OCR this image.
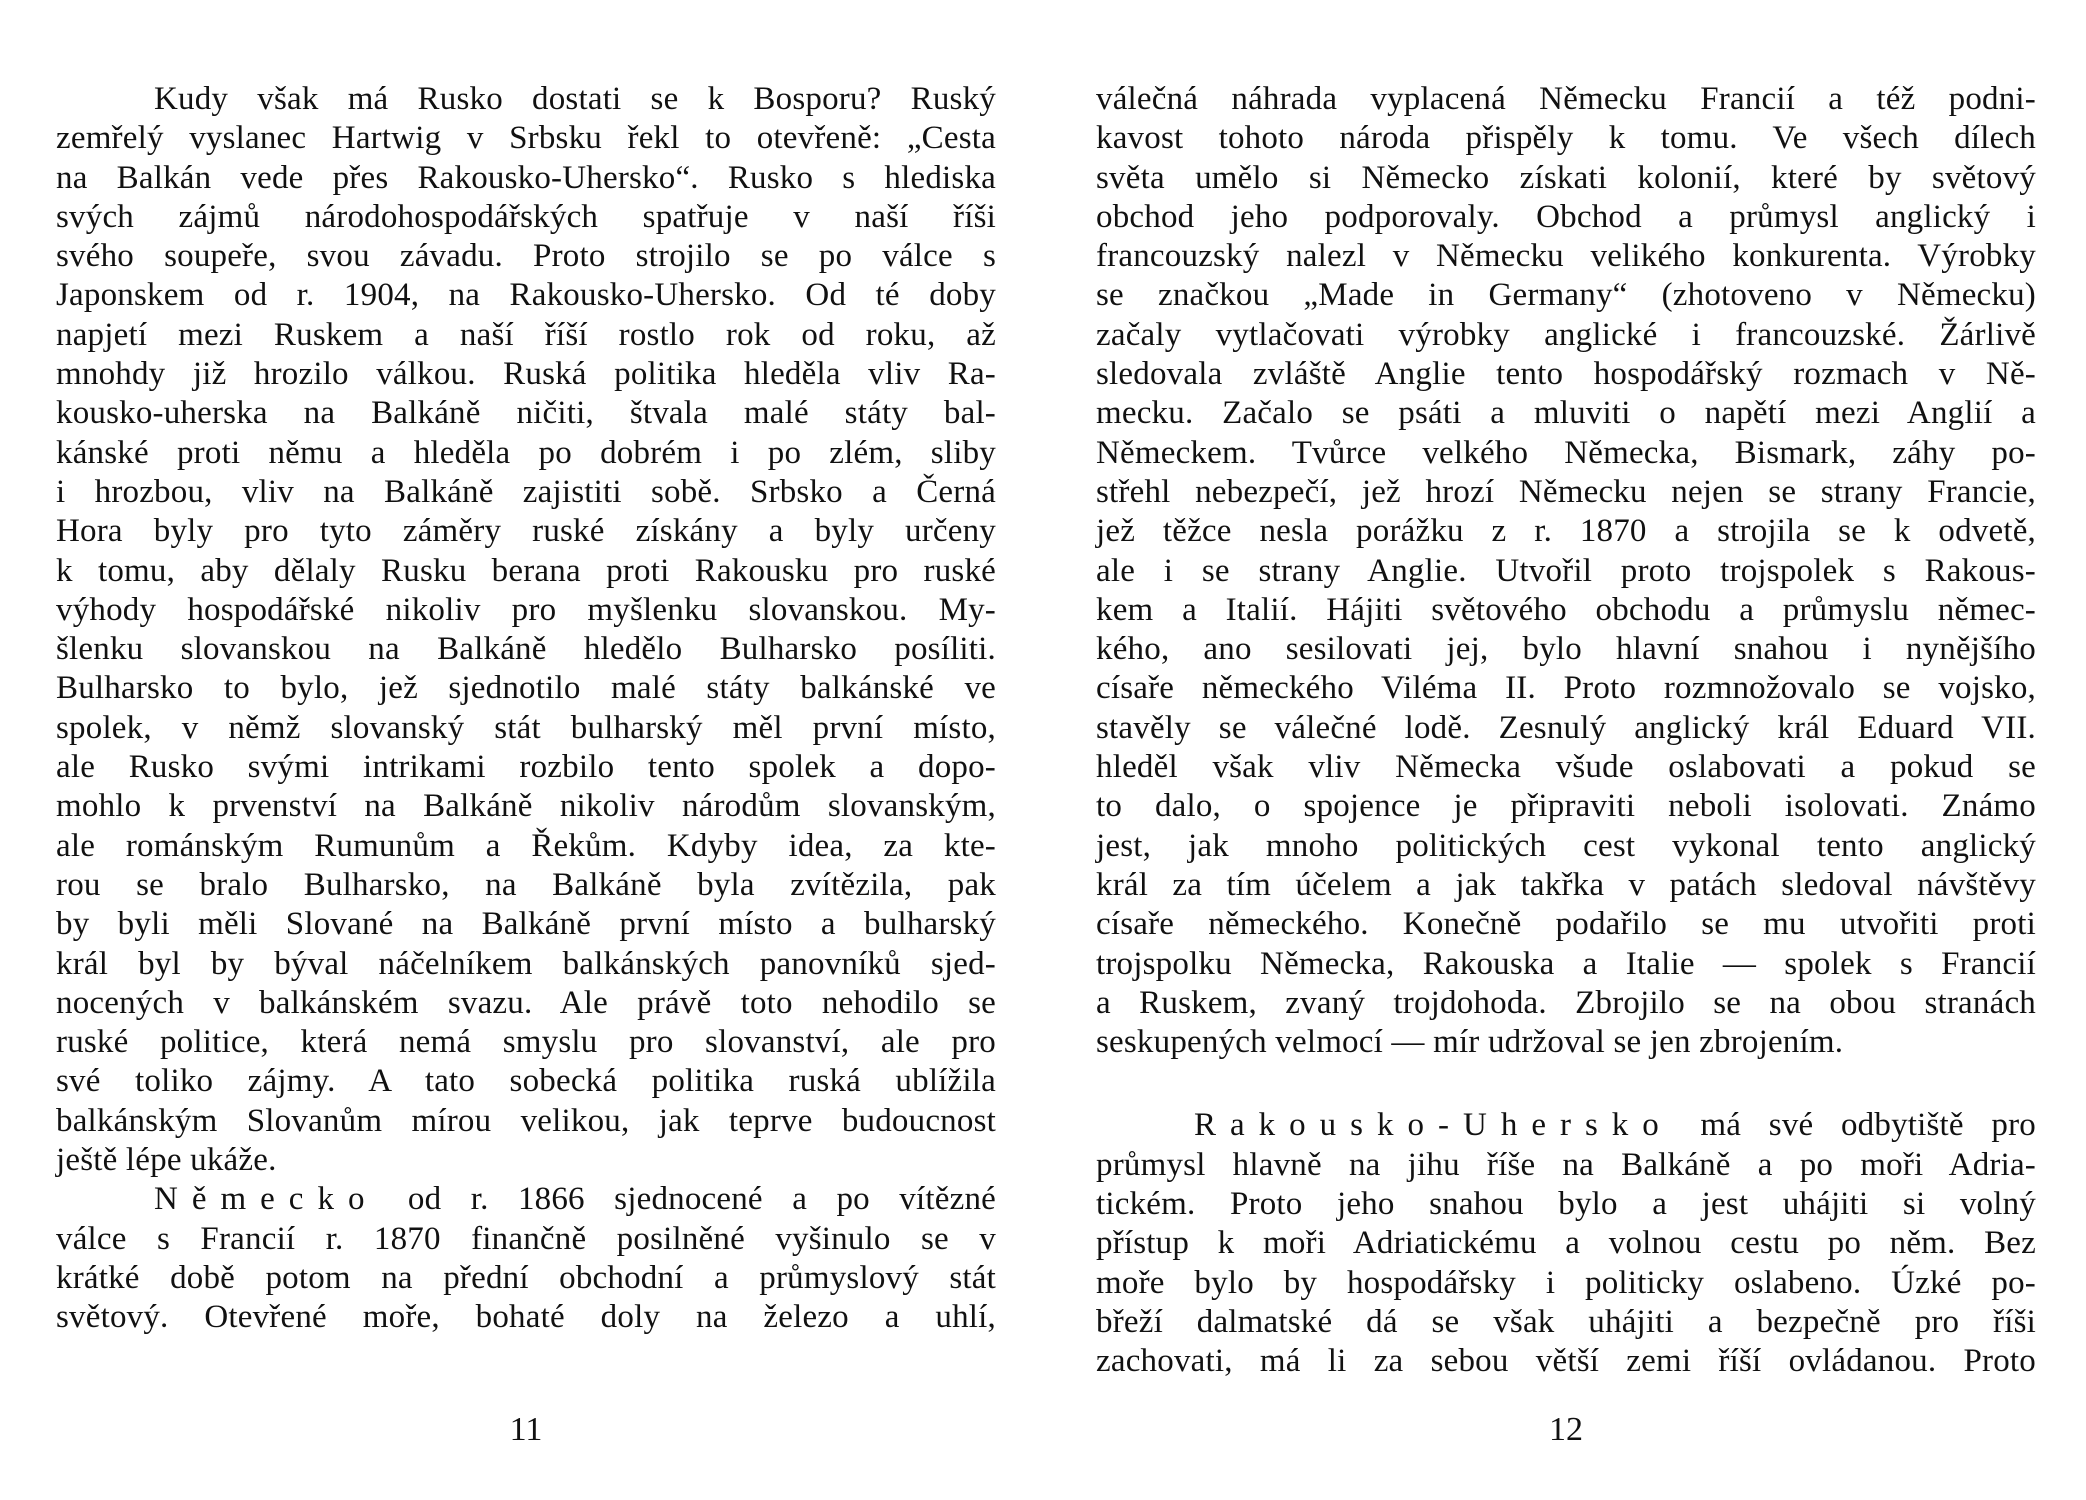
Kudy však má Rusko dostati se k Bosporu? Ruský
zemřelý vyslanec Hartwig v Srbsku řekl to otevřeně: „Cesta
na Balkán vede přes Rakousko-Uhersko“. Rusko s hlediska
svých zájmů národohospodářských spatřuje v naší říši
svého soupeře, svou závadu. Proto strojilo se po válce s
Japonskem od r. 1904, na Rakousko-Uhersko. Od té doby
napjetí mezi Ruskem a naší říší rostlo rok od roku, až
mnohdy již hrozilo válkou. Ruská politika hleděla vliv Ra-
kousko-uherska na Balkáně ničiti, štvala malé státy bal-
kánské proti němu a hleděla po dobrém i po zlém, sliby
i hrozbou, vliv na Balkáně zajistiti sobě. Srbsko a Černá
Hora byly pro tyto záměry ruské získány a byly určeny
k tomu, aby dělaly Rusku berana proti Rakousku pro ruské
výhody hospodářské nikoliv pro myšlenku slovanskou. My-
šlenku slovanskou na Balkáně hledělo Bulharsko posíliti.
Bulharsko to bylo, jež sjednotilo malé státy balkánské ve
spolek, v němž slovanský stát bulharský měl první místo,
ale Rusko svými intrikami rozbilo tento spolek a dopo-
mohlo k prvenství na Balkáně nikoliv národům slovanským,
ale románským Rumunům a Řekům. Kdyby idea, za kte-
rou se bralo Bulharsko, na Balkáně byla zvítězila, pak
by byli měli Slované na Balkáně první místo a bulharský
král byl by býval náčelníkem balkánských panovníků sjed-
nocených v balkánském svazu. Ale právě toto nehodilo se
ruské politice, která nemá smyslu pro slovanství, ale pro
své toliko zájmy. A tato sobecká politika ruská ublížila
balkánským Slovanům mírou velikou, jak teprve budoucnost
ještě lépe ukáže.
Německo od r. 1866 sjednocené a po vítězné
válce s Francií r. 1870 finančně posilněné vyšinulo se v
krátké době potom na přední obchodní a průmyslový stát
světový. Otevřené moře, bohaté doly na železo a uhlí,
11
válečná náhrada vyplacená Německu Francií a též podni-
kavost tohoto národa přispěly k tomu. Ve všech dílech
světa umělo si Německo získati kolonií, které by světový
obchod jeho podporovaly. Obchod a průmysl anglický i
francouzský nalezl v Německu velikého konkurenta. Výrobky
se značkou „Made in Germany“ (zhotoveno v Německu)
začaly vytlačovati výrobky anglické i francouzské. Žárlivě
sledovala zvláště Anglie tento hospodářský rozmach v Ně-
mecku. Začalo se psáti a mluviti o napětí mezi Anglií a
Německem. Tvůrce velkého Německa, Bismark, záhy po-
střehl nebezpečí, jež hrozí Německu nejen se strany Francie,
jež těžce nesla porážku z r. 1870 a strojila se k odvetě,
ale i se strany Anglie. Utvořil proto trojspolek s Rakous-
kem a Italií. Hájiti světového obchodu a průmyslu němec-
kého, ano sesilovati jej, bylo hlavní snahou i nynějšího
císaře německého Viléma II. Proto rozmnožovalo se vojsko,
stavěly se válečné lodě. Zesnulý anglický král Eduard VII.
hleděl však vliv Německa všude oslabovati a pokud se
to dalo, o spojence je připraviti neboli isolovati. Známo
jest, jak mnoho politických cest vykonal tento anglický
král za tím účelem a jak takřka v patách sledoval návštěvy
císaře německého. Konečně podařilo se mu utvořiti proti
trojspolku Německa, Rakouska a Italie — spolek s Francií
a Ruskem, zvaný trojdohoda. Zbrojilo se na obou stranách
seskupených velmocí — mír udržoval se jen zbrojením.
Rakousko-Uhersko má své odbytiště pro
průmysl hlavně na jihu říše na Balkáně a po moři Adria-
tickém. Proto jeho snahou bylo a jest uhájiti si volný
přístup k moři Adriatickému a volnou cestu po něm. Bez
moře bylo by hospodářsky i politicky oslabeno. Úzké po-
břeží dalmatské dá se však uhájiti a bezpečně pro říši
zachovati, má li za sebou větší zemi říší ovládanou. Proto
12
